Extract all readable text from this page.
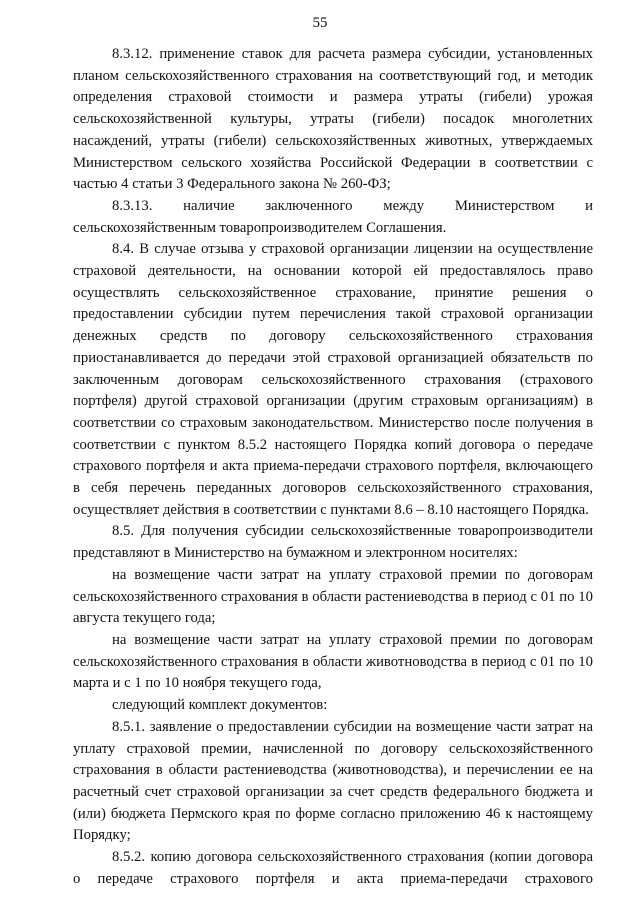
55

8.3.12. применение ставок для расчета размера субсидии, установленных планом сельскохозяйственного страхования на соответствующий год, и методик определения страховой стоимости и размера утраты (гибели) урожая сельскохозяйственной культуры, утраты (гибели) посадок многолетних насаждений, утраты (гибели) сельскохозяйственных животных, утверждаемых Министерством сельского хозяйства Российской Федерации в соответствии с частью 4 статьи 3 Федерального закона № 260-ФЗ;

8.3.13. наличие заключенного между Министерством и сельскохозяйственным товаропроизводителем Соглашения.

8.4. В случае отзыва у страховой организации лицензии на осуществление страховой деятельности, на основании которой ей предоставлялось право осуществлять сельскохозяйственное страхование, принятие решения о предоставлении субсидии путем перечисления такой страховой организации денежных средств по договору сельскохозяйственного страхования приостанавливается до передачи этой страховой организацией обязательств по заключенным договорам сельскохозяйственного страхования (страхового портфеля) другой страховой организации (другим страховым организациям) в соответствии со страховым законодательством. Министерство после получения в соответствии с пунктом 8.5.2 настоящего Порядка копий договора о передаче страхового портфеля и акта приема-передачи страхового портфеля, включающего в себя перечень переданных договоров сельскохозяйственного страхования, осуществляет действия в соответствии с пунктами 8.6 – 8.10 настоящего Порядка.

8.5. Для получения субсидии сельскохозяйственные товаропроизводители представляют в Министерство на бумажном и электронном носителях:

на возмещение части затрат на уплату страховой премии по договорам сельскохозяйственного страхования в области растениеводства в период с 01 по 10 августа текущего года;

на возмещение части затрат на уплату страховой премии по договорам сельскохозяйственного страхования в области животноводства в период с 01 по 10 марта и с 1 по 10 ноября текущего года,

следующий комплект документов:

8.5.1. заявление о предоставлении субсидии на возмещение части затрат на уплату страховой премии, начисленной по договору сельскохозяйственного страхования в области растениеводства (животноводства), и перечислении ее на расчетный счет страховой организации за счет средств федерального бюджета и (или) бюджета Пермского края по форме согласно приложению 46 к настоящему Порядку;

8.5.2. копию договора сельскохозяйственного страхования (копии договора о передаче страхового портфеля и акта приема-передачи страхового
